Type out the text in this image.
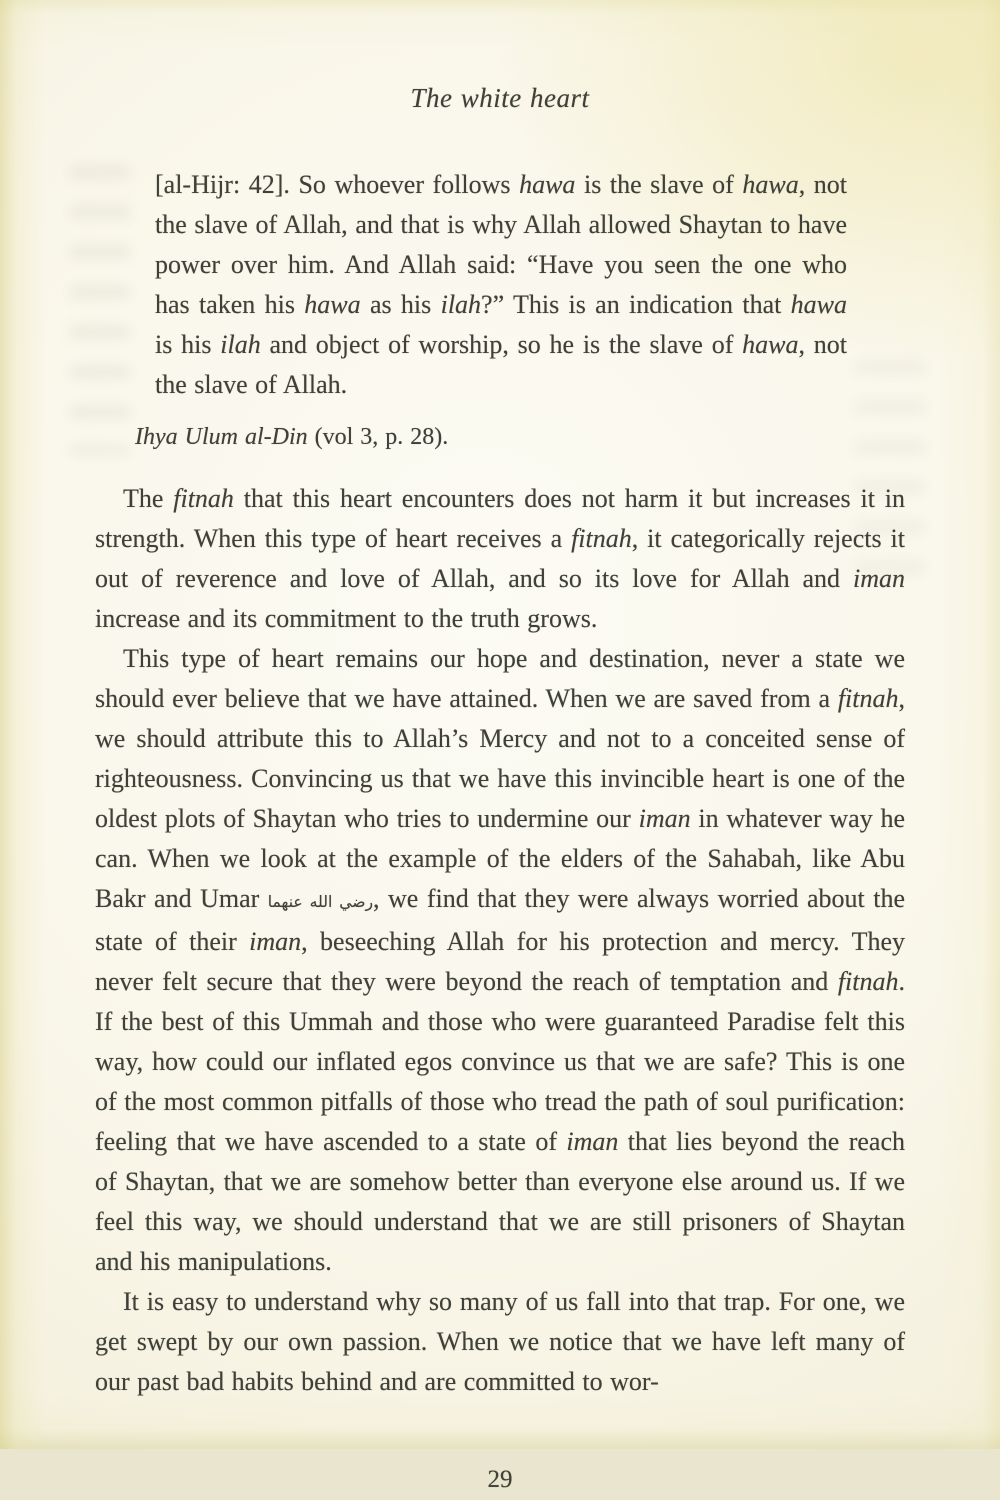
The white heart
[al-Hijr: 42]. So whoever follows hawa is the slave of hawa, not the slave of Allah, and that is why Allah allowed Shaytan to have power over him. And Allah said: “Have you seen the one who has taken his hawa as his ilah?” This is an indication that hawa is his ilah and object of worship, so he is the slave of hawa, not the slave of Allah.
Ihya Ulum al-Din (vol 3, p. 28).

The fitnah that this heart encounters does not harm it but increases it in strength. When this type of heart receives a fitnah, it categorically rejects it out of reverence and love of Allah, and so its love for Allah and iman increase and its commitment to the truth grows.

This type of heart remains our hope and destination, never a state we should ever believe that we have attained. When we are saved from a fitnah, we should attribute this to Allah’s Mercy and not to a conceited sense of righteousness. Convincing us that we have this invincible heart is one of the oldest plots of Shaytan who tries to undermine our iman in whatever way he can. When we look at the example of the elders of the Sahabah, like Abu Bakr and Umar رضي الله عنهما, we find that they were always worried about the state of their iman, beseeching Allah for his protection and mercy. They never felt secure that they were beyond the reach of temptation and fitnah. If the best of this Ummah and those who were guaranteed Paradise felt this way, how could our inflated egos convince us that we are safe? This is one of the most common pitfalls of those who tread the path of soul purification: feeling that we have ascended to a state of iman that lies beyond the reach of Shaytan, that we are somehow better than everyone else around us. If we feel this way, we should understand that we are still prisoners of Shaytan and his manipulations.

It is easy to understand why so many of us fall into that trap. For one, we get swept by our own passion. When we notice that we have left many of our past bad habits behind and are committed to wor-

29
